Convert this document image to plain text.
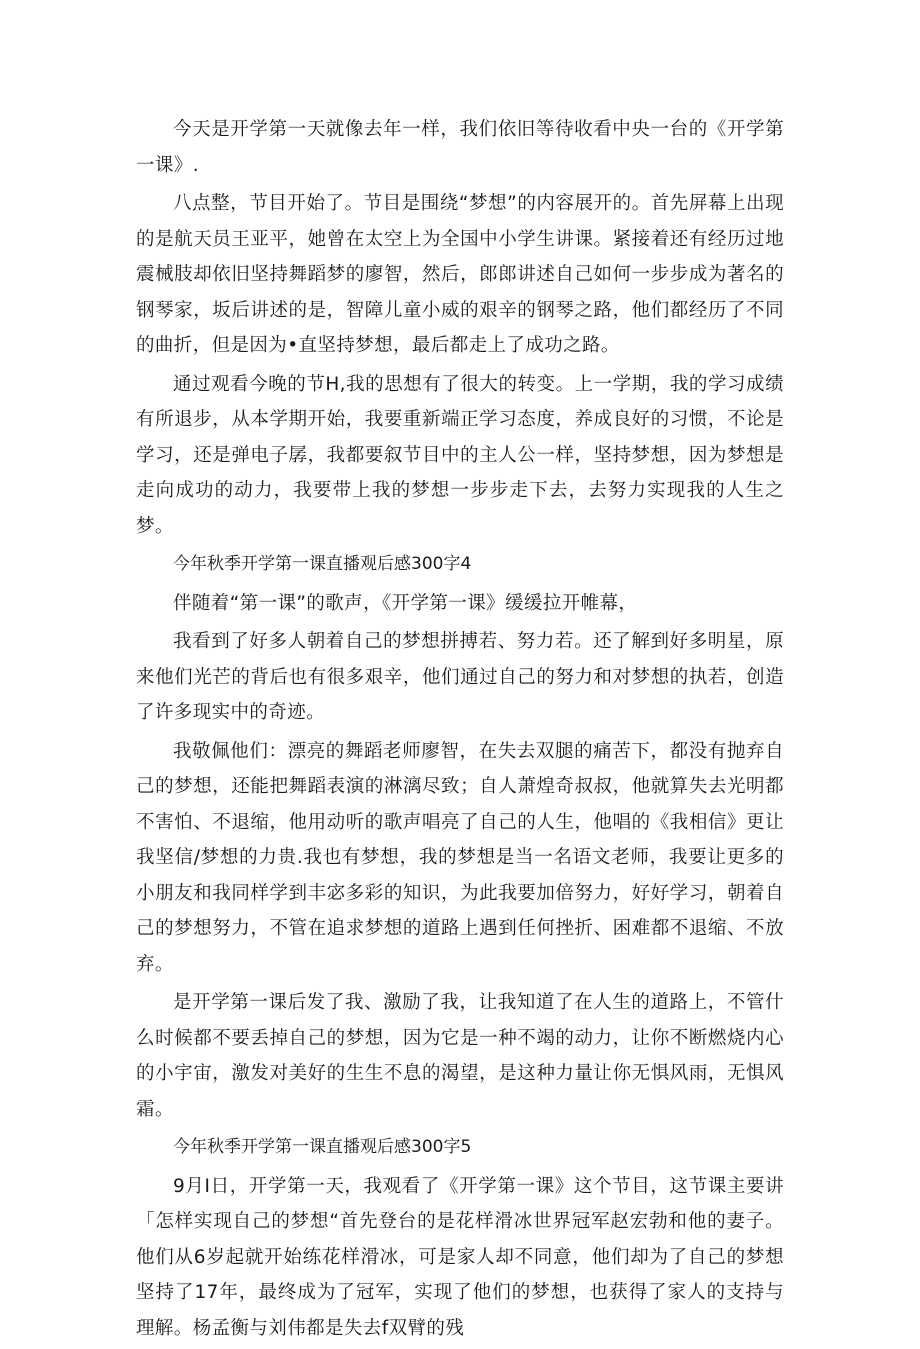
今天是开学第一天就像去年一样，我们依旧等待收看中央一台的《开学第一课》.

八点整，节目开始了。节目是围绕“梦想”的内容展开的。首先屏幕上出现的是航天员王亚平，她曾在太空上为全国中小学生讲课。紧接着还有经历过地震械肢却依旧坚持舞蹈梦的廖智，然后，郎郎讲述自己如何一步步成为著名的钢琴家，坂后讲述的是，智障儿童小威的艰辛的钢琴之路，他们都经历了不同的曲折，但是因为•直坚持梦想，最后都走上了成功之路。

通过观看今晚的节H,我的思想有了很大的转变。上一学期，我的学习成绩有所退步，从本学期开始，我要重新端正学习态度，养成良好的习惯，不论是学习，还是弹电子孱，我都要叙节目中的主人公一样，坚持梦想，因为梦想是走向成功的动力，我要带上我的梦想一步步走下去，去努力实现我的人生之梦。

今年秋季开学第一课直播观后感300字4

伴随着“第一课”的歌声，《开学第一课》缓缓拉开帷幕，

我看到了好多人朝着自己的梦想拼搏若、努力若。还了解到好多明星，原来他们光芒的背后也有很多艰辛，他们通过自己的努力和对梦想的执若，创造了许多现实中的奇迹。

我敬佩他们：漂亮的舞蹈老师廖智，在失去双腿的痛苦下，都没有抛弃自己的梦想，还能把舞蹈表演的淋漓尽致；自人萧煌奇叔叔，他就算失去光明都不害怕、不退缩，他用动听的歌声唱亮了自己的人生，他唱的《我相信》更让我坚信/梦想的力贵.我也有梦想，我的梦想是当一名语文老师，我要让更多的小朋友和我同样学到丰宓多彩的知识，为此我要加倍努力，好好学习，朝着自己的梦想努力，不管在追求梦想的道路上遇到任何挫折、困难都不退缩、不放弃。

是开学第一课后发了我、激励了我，让我知道了在人生的道路上，不管什么时候都不要丢掉自己的梦想，因为它是一种不竭的动力，让你不断燃烧内心的小宇宙，激发对美好的生生不息的渴望，是这种力量让你无惧风雨，无惧风霜。

今年秋季开学第一课直播观后感300字5

9月I日，开学第一天，我观看了《开学第一课》这个节目，这节课主要讲「怎样实现自己的梦想“首先登台的是花样滑冰世界冠军赵宏勃和他的妻子。他们从6岁起就开始练花样滑冰，可是家人却不同意，他们却为了自己的梦想坚持了17年，最终成为了冠军，实现了他们的梦想，也获得了家人的支持与理解。杨孟衡与刘伟都是失去f双臂的残
